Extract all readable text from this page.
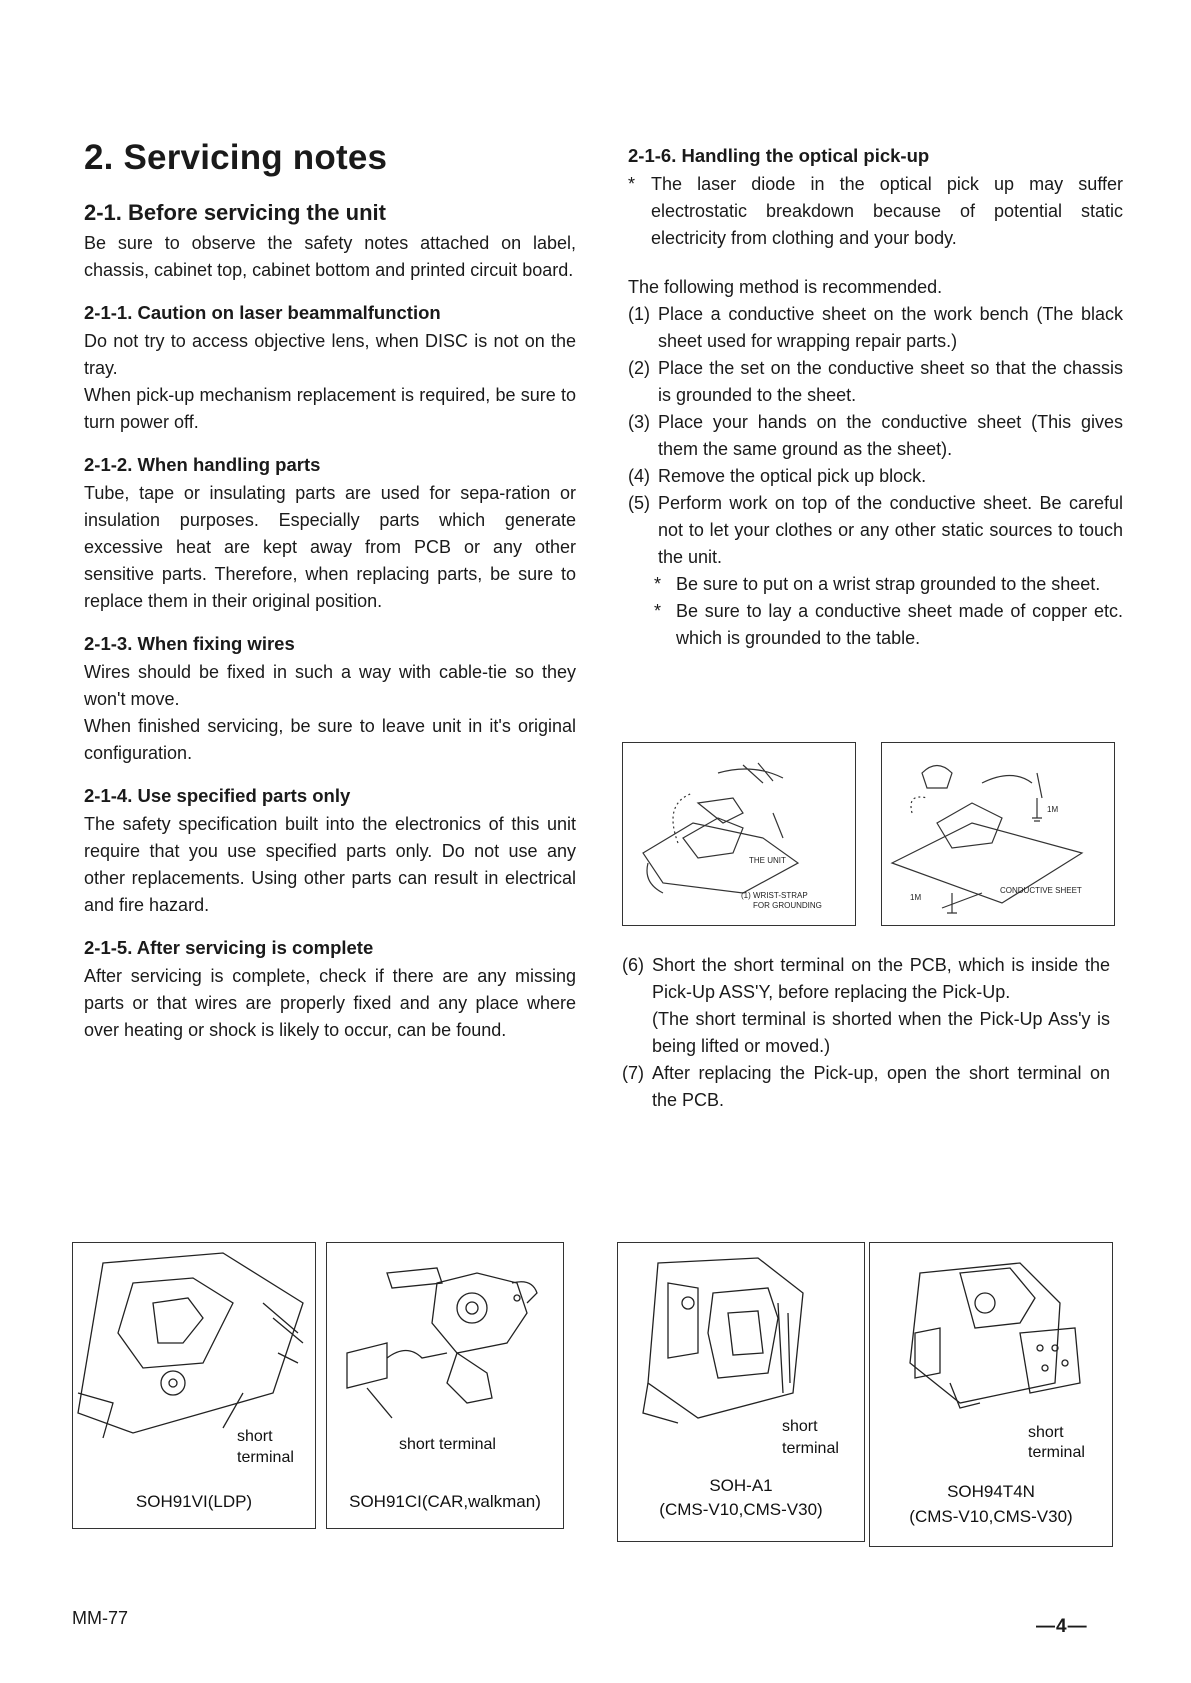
2. Servicing notes
2-1. Before servicing the unit

Be sure to observe the safety notes attached on label, chassis, cabinet top, cabinet bottom and printed circuit board.

2-1-1. Caution on laser beammalfunction

Do not try to access objective lens, when DISC is not on the tray.

When pick-up mechanism replacement is required, be sure to turn power off.

2-1-2. When handling parts

Tube, tape or insulating parts are used for sepa-ration or insulation purposes. Especially parts which generate excessive heat are kept away from PCB or any other sensitive parts. Therefore, when replacing parts, be sure to replace them in their original position.

2-1-3. When fixing wires

Wires should be fixed in such a way with cable-tie so they won't move.

When finished servicing, be sure to leave unit in it's original configuration.

2-1-4. Use specified parts only

The safety specification built into the electronics of this unit require that you use specified parts only. Do not use any other replacements. Using other parts can result in electrical and fire hazard.

2-1-5. After servicing is complete

After servicing is complete, check if there are any missing parts or that wires are properly fixed and any place where over heating or shock is likely to occur, can be found.

2-1-6. Handling the optical pick-up
* The laser diode in the optical pick up may suffer electrostatic breakdown because of potential static electricity from clothing and your body.

The following method is recommended.

(1) Place a conductive sheet on the work bench (The black sheet used for wrapping repair parts.)
(2) Place the set on the conductive sheet so that the chassis is grounded to the sheet.
(3) Place your hands on the conductive sheet (This gives them the same ground as the sheet).
(4) Remove the optical pick up block.
(5) Perform work on top of the conductive sheet. Be careful not to let your clothes or any other static sources to touch the unit.
* Be sure to put on a wrist strap grounded to the sheet.
* Be sure to lay a conductive sheet made of copper etc. which is grounded to the table.
THE UNIT
(1) WRIST-STRAP
FOR GROUNDING
1M
1M
CONDUCTIVE SHEET
(6) Short the short terminal on the PCB, which is inside the Pick-Up ASS'Y, before replacing the Pick-Up.
(The short terminal is shorted when the Pick-Up Ass'y is being lifted or moved.)
(7) After replacing the Pick-up, open the short terminal on the PCB.
short
terminal
SOH91VI(LDP)
short terminal
SOH91CI(CAR,walkman)
short
terminal
SOH-A1
(CMS-V10,CMS-V30)
short
terminal
SOH94T4N
(CMS-V10,CMS-V30)
MM-77	—4—
